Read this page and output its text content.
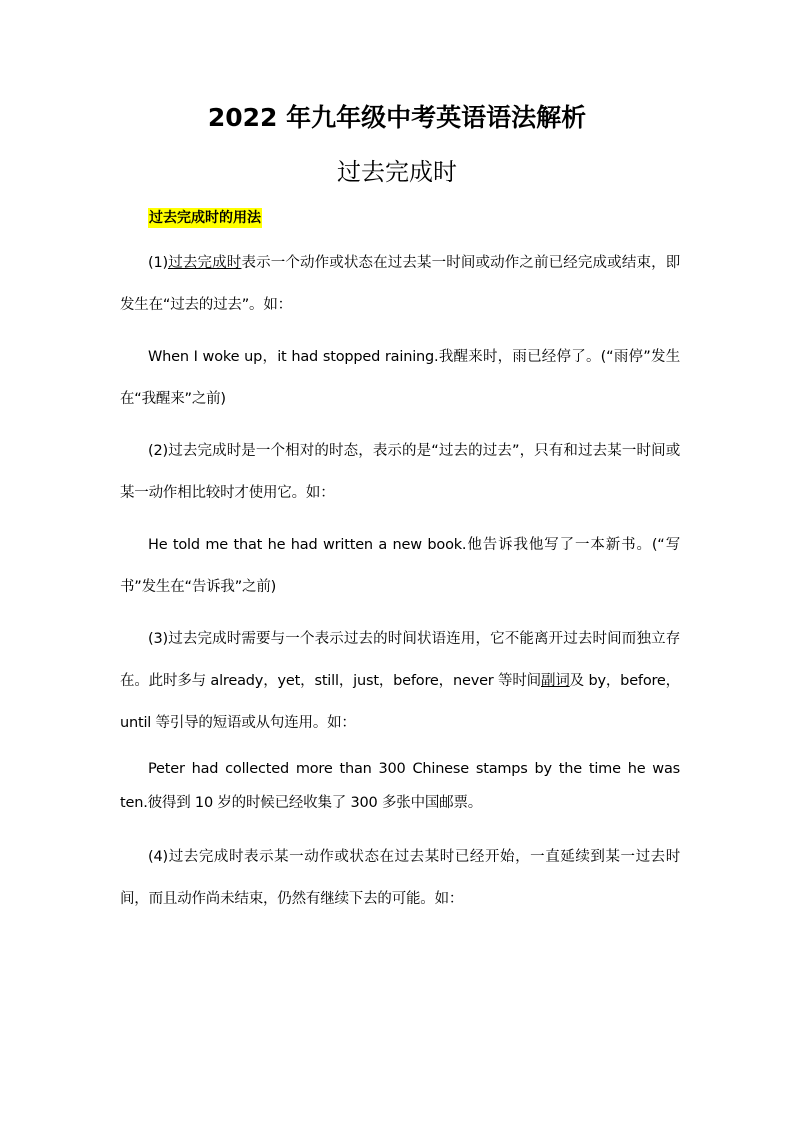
2022 年九年级中考英语语法解析
过去完成时

过去完成时的用法

(1)过去完成时表示一个动作或状态在过去某一时间或动作之前已经完成或结束，即发生在“过去的过去”。如：

When I woke up，it had stopped raining.我醒来时，雨已经停了。(“雨停”发生在“我醒来”之前)

(2)过去完成时是一个相对的时态，表示的是“过去的过去”，只有和过去某一时间或某一动作相比较时才使用它。如：

He told me that he had written a new book.他告诉我他写了一本新书。(“写书”发生在“告诉我”之前)

(3)过去完成时需要与一个表示过去的时间状语连用，它不能离开过去时间而独立存在。此时多与 already，yet，still，just，before，never 等时间副词及 by，before，until 等引导的短语或从句连用。如：

Peter had collected more than 300 Chinese stamps by the time he was ten.彼得到 10 岁的时候已经收集了 300 多张中国邮票。

(4)过去完成时表示某一动作或状态在过去某时已经开始，一直延续到某一过去时间，而且动作尚未结束，仍然有继续下去的可能。如：
